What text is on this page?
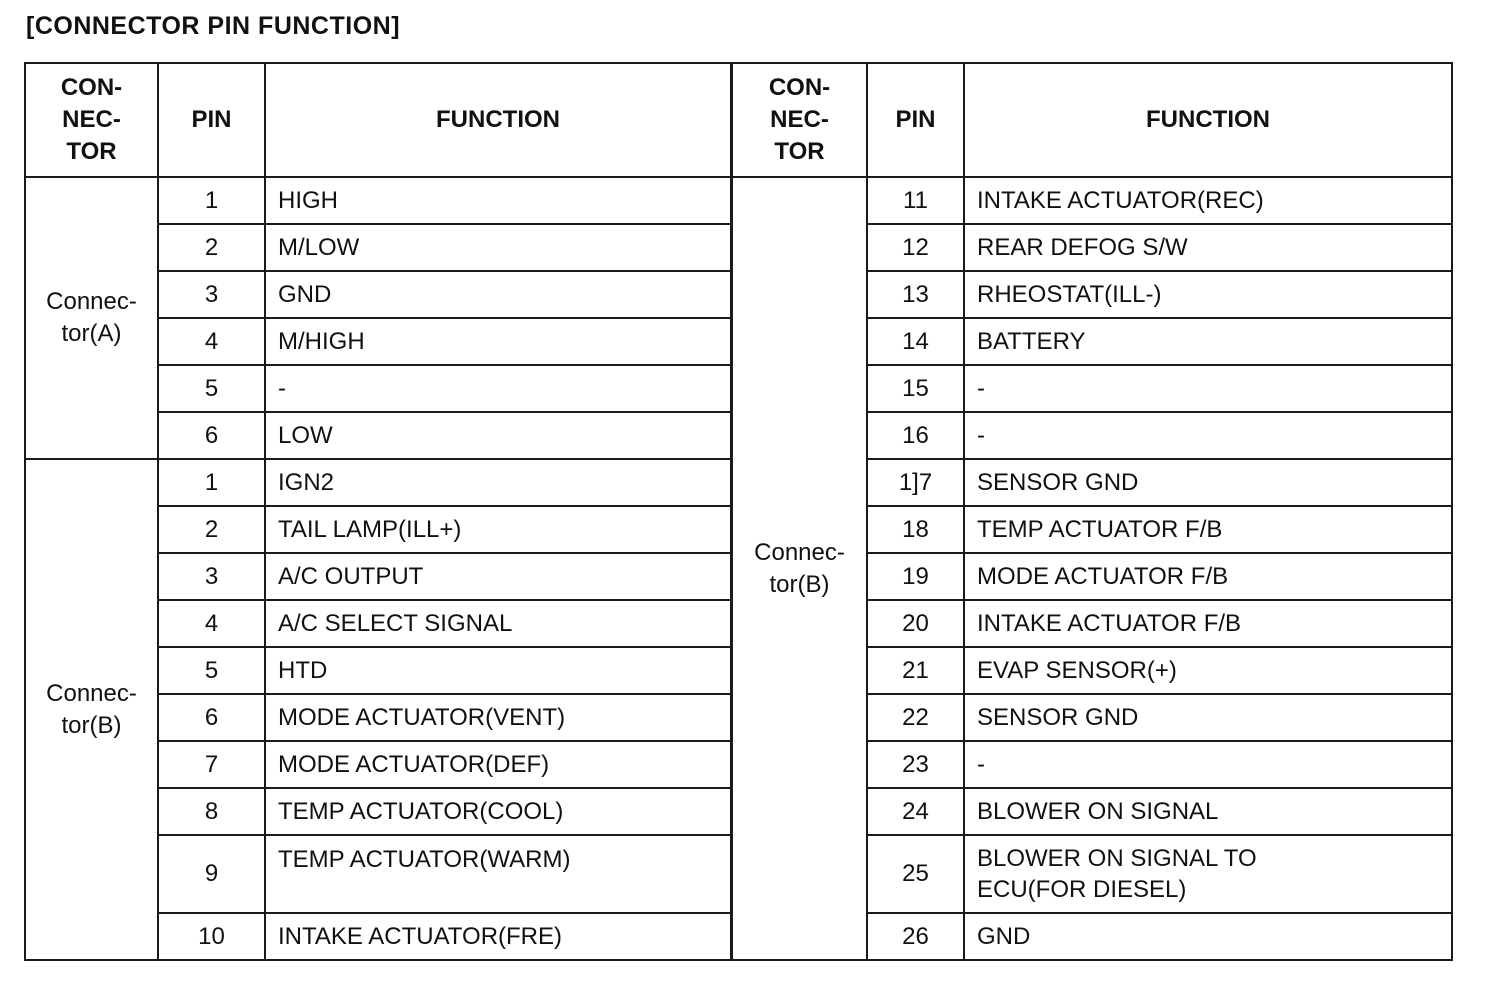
[CONNECTOR PIN FUNCTION]
CON- NEC- TOR	PIN	FUNCTION
Connec- tor(A)	1	HIGH
	2	M/LOW
	3	GND
	4	M/HIGH
	5	-
	6	LOW
Connec- tor(B)	1	IGN2
	2	TAIL LAMP(ILL+)
	3	A/C OUTPUT
	4	A/C SELECT SIGNAL
	5	HTD
	6	MODE ACTUATOR(VENT)
	7	MODE ACTUATOR(DEF)
	8	TEMP ACTUATOR(COOL)
	9	TEMP ACTUATOR(WARM)
	10	INTAKE ACTUATOR(FRE)
CON- NEC- TOR	PIN	FUNCTION
Connec- tor(B)	11	INTAKE ACTUATOR(REC)
	12	REAR DEFOG S/W
	13	RHEOSTAT(ILL-)
	14	BATTERY
	15	-
	16	-
	1]7	SENSOR GND
	18	TEMP ACTUATOR F/B
	19	MODE ACTUATOR F/B
	20	INTAKE ACTUATOR F/B
	21	EVAP SENSOR(+)
	22	SENSOR GND
	23	-
	24	BLOWER ON SIGNAL
	25	BLOWER ON SIGNAL TO ECU(FOR DIESEL)
	26	GND
